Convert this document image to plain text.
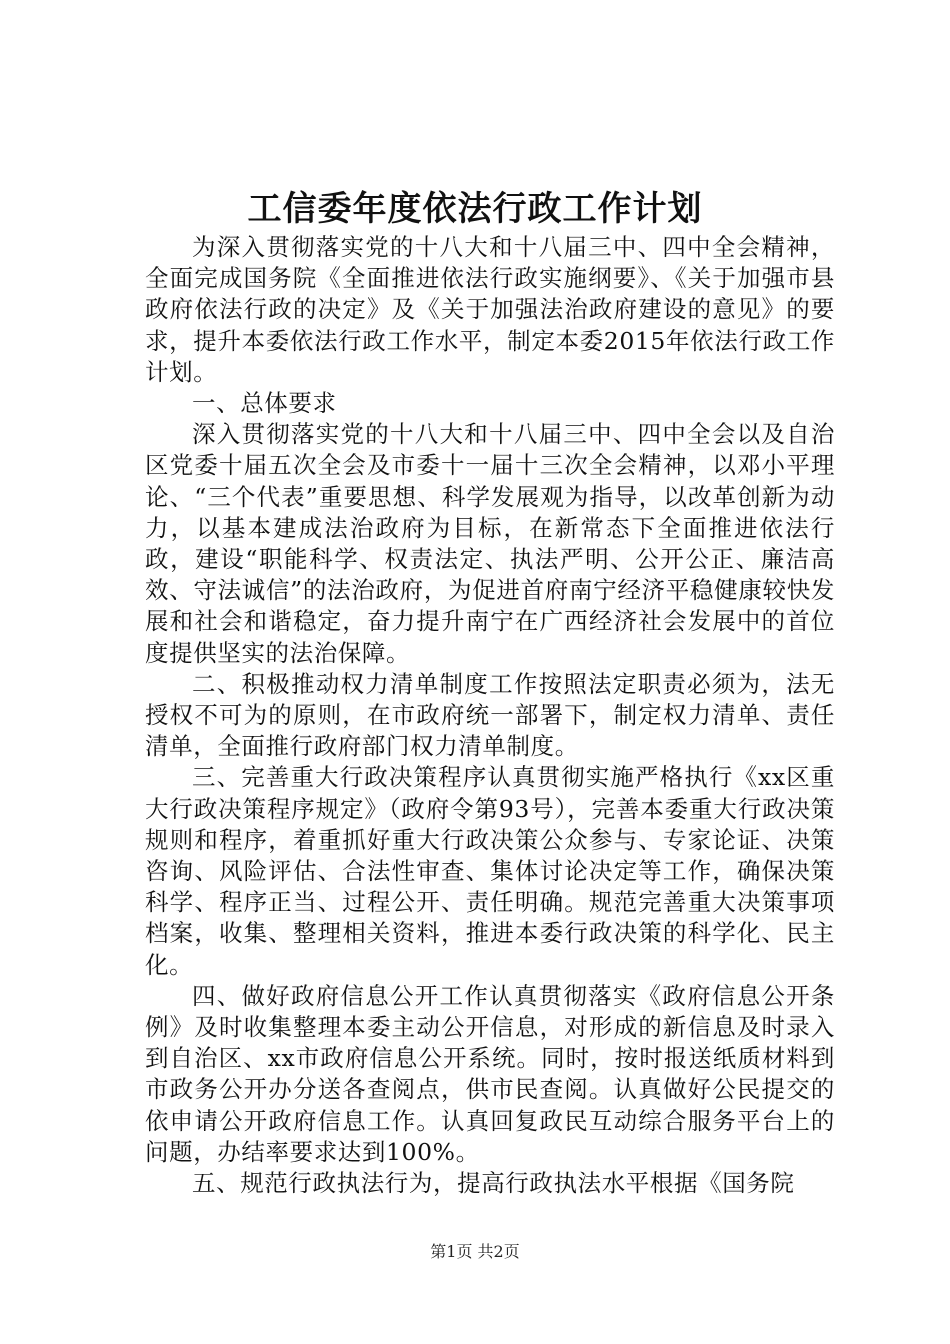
工信委年度依法行政工作计划

为深入贯彻落实党的十八大和十八届三中、四中全会精神，全面完成国务院《全面推进依法行政实施纲要》、《关于加强市县政府依法行政的决定》及《关于加强法治政府建设的意见》的要求，提升本委依法行政工作水平，制定本委2015年依法行政工作计划。

一、总体要求

深入贯彻落实党的十八大和十八届三中、四中全会以及自治区党委十届五次全会及市委十一届十三次全会精神，以邓小平理论、“三个代表”重要思想、科学发展观为指导，以改革创新为动力，以基本建成法治政府为目标，在新常态下全面推进依法行政，建设“职能科学、权责法定、执法严明、公开公正、廉洁高效、守法诚信”的法治政府，为促进首府南宁经济平稳健康较快发展和社会和谐稳定，奋力提升南宁在广西经济社会发展中的首位度提供坚实的法治保障。

二、积极推动权力清单制度工作按照法定职责必须为，法无授权不可为的原则，在市政府统一部署下，制定权力清单、责任清单，全面推行政府部门权力清单制度。

三、完善重大行政决策程序认真贯彻实施严格执行《xx区重大行政决策程序规定》（政府令第93号），完善本委重大行政决策规则和程序，着重抓好重大行政决策公众参与、专家论证、决策咨询、风险评估、合法性审查、集体讨论决定等工作，确保决策科学、程序正当、过程公开、责任明确。规范完善重大决策事项档案，收集、整理相关资料，推进本委行政决策的科学化、民主化。

四、做好政府信息公开工作认真贯彻落实《政府信息公开条例》及时收集整理本委主动公开信息，对形成的新信息及时录入到自治区、xx市政府信息公开系统。同时，按时报送纸质材料到市政务公开办分送各查阅点，供市民查阅。认真做好公民提交的依申请公开政府信息工作。认真回复政民互动综合服务平台上的问题，办结率要求达到100%。

五、规范行政执法行为，提高行政执法水平根据《国务院

第1页 共2页
